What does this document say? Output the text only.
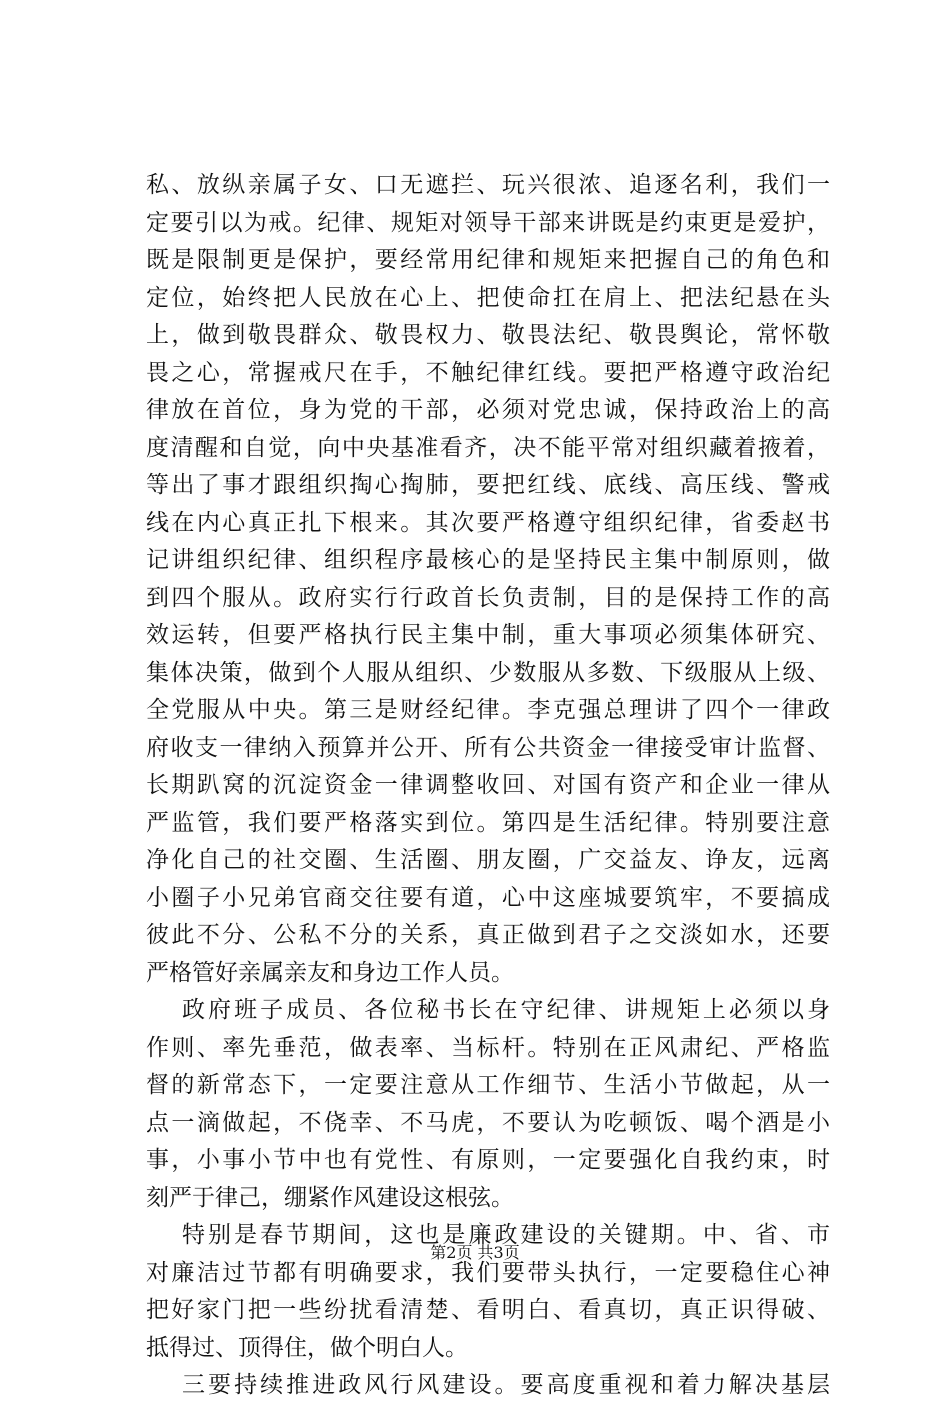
私、放纵亲属子女、口无遮拦、玩兴很浓、追逐名利，我们一
定要引以为戒。纪律、规矩对领导干部来讲既是约束更是爱护，
既是限制更是保护，要经常用纪律和规矩来把握自己的角色和
定位，始终把人民放在心上、把使命扛在肩上、把法纪悬在头
上，做到敬畏群众、敬畏权力、敬畏法纪、敬畏舆论，常怀敬
畏之心，常握戒尺在手，不触纪律红线。要把严格遵守政治纪
律放在首位，身为党的干部，必须对党忠诚，保持政治上的高
度清醒和自觉，向中央基准看齐，决不能平常对组织藏着掖着，
等出了事才跟组织掏心掏肺，要把红线、底线、高压线、警戒
线在内心真正扎下根来。其次要严格遵守组织纪律，省委赵书
记讲组织纪律、组织程序最核心的是坚持民主集中制原则，做
到四个服从。政府实行行政首长负责制，目的是保持工作的高
效运转，但要严格执行民主集中制，重大事项必须集体研究、
集体决策，做到个人服从组织、少数服从多数、下级服从上级、
全党服从中央。第三是财经纪律。李克强总理讲了四个一律政
府收支一律纳入预算并公开、所有公共资金一律接受审计监督、
长期趴窝的沉淀资金一律调整收回、对国有资产和企业一律从
严监管，我们要严格落实到位。第四是生活纪律。特别要注意
净化自己的社交圈、生活圈、朋友圈，广交益友、诤友，远离
小圈子小兄弟官商交往要有道，心中这座城要筑牢，不要搞成
彼此不分、公私不分的关系，真正做到君子之交淡如水，还要
严格管好亲属亲友和身边工作人员。
政府班子成员、各位秘书长在守纪律、讲规矩上必须以身
作则、率先垂范，做表率、当标杆。特别在正风肃纪、严格监
督的新常态下，一定要注意从工作细节、生活小节做起，从一
点一滴做起，不侥幸、不马虎，不要认为吃顿饭、喝个酒是小
事，小事小节中也有党性、有原则，一定要强化自我约束，时
刻严于律己，绷紧作风建设这根弦。
特别是春节期间，这也是廉政建设的关键期。中、省、市
对廉洁过节都有明确要求，我们要带头执行，一定要稳住心神
把好家门把一些纷扰看清楚、看明白、看真切，真正识得破、
抵得过、顶得住，做个明白人。
三要持续推进政风行风建设。要高度重视和着力解决基层
第2页 共3页
